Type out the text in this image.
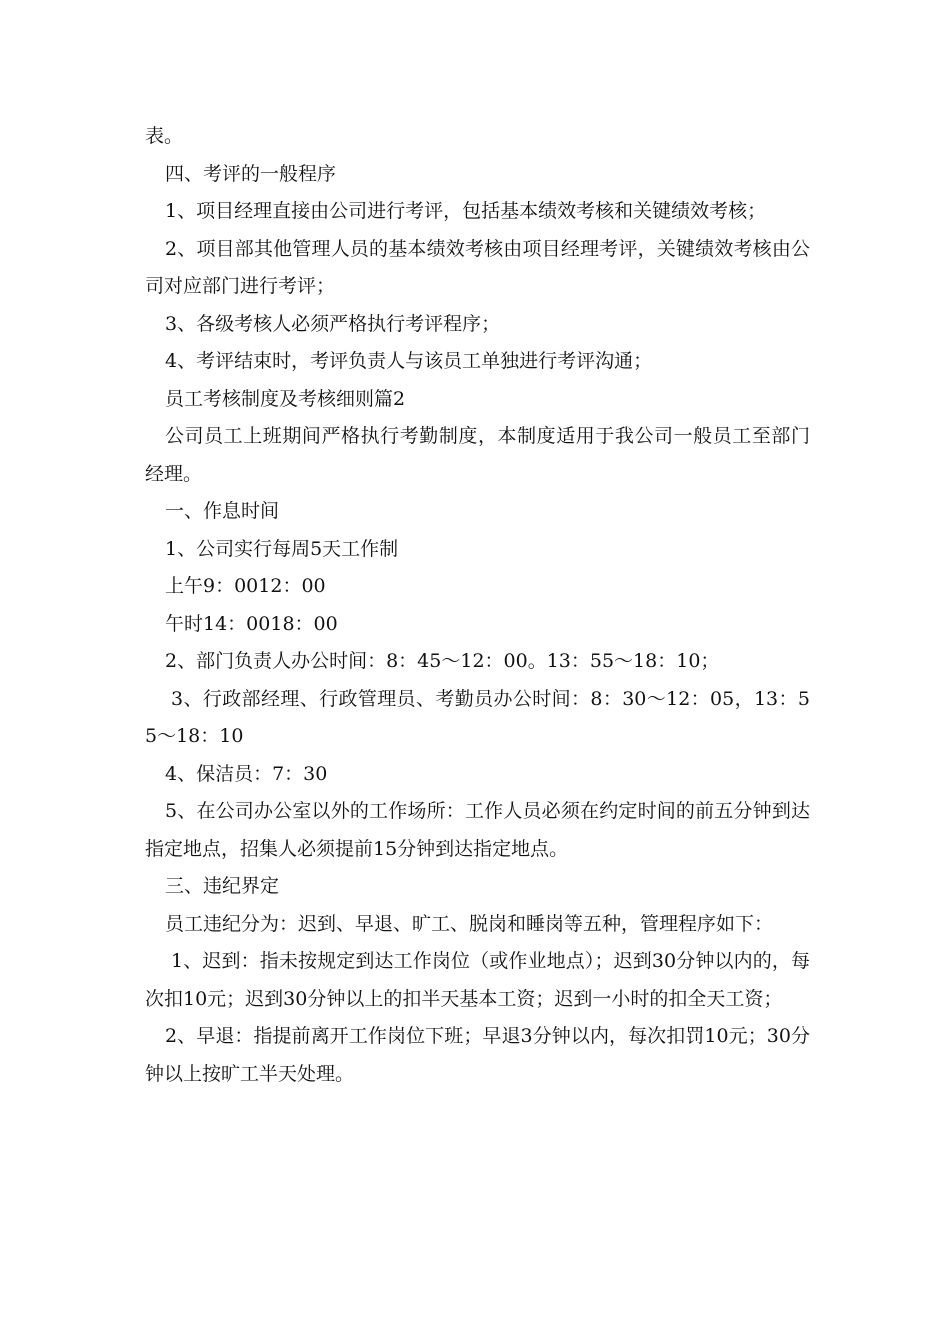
表。

四、考评的一般程序

1、项目经理直接由公司进行考评，包括基本绩效考核和关键绩效考核；

2、项目部其他管理人员的基本绩效考核由项目经理考评，关键绩效考核由公司对应部门进行考评；

3、各级考核人必须严格执行考评程序；

4、考评结束时，考评负责人与该员工单独进行考评沟通；

员工考核制度及考核细则篇2

公司员工上班期间严格执行考勤制度，本制度适用于我公司一般员工至部门经理。

一、作息时间

1、公司实行每周5天工作制

上午9：0012：00

午时14：0018：00

2、部门负责人办公时间：8：45～12：00。13：55～18：10；

3、行政部经理、行政管理员、考勤员办公时间：8：30～12：05，13：55～18：10

4、保洁员：7：30

5、在公司办公室以外的工作场所：工作人员必须在约定时间的前五分钟到达指定地点，招集人必须提前15分钟到达指定地点。

三、违纪界定

员工违纪分为：迟到、早退、旷工、脱岗和睡岗等五种，管理程序如下：

1、迟到：指未按规定到达工作岗位（或作业地点）；迟到30分钟以内的，每次扣10元；迟到30分钟以上的扣半天基本工资；迟到一小时的扣全天工资；

2、早退：指提前离开工作岗位下班；早退3分钟以内，每次扣罚10元；30分钟以上按旷工半天处理。
